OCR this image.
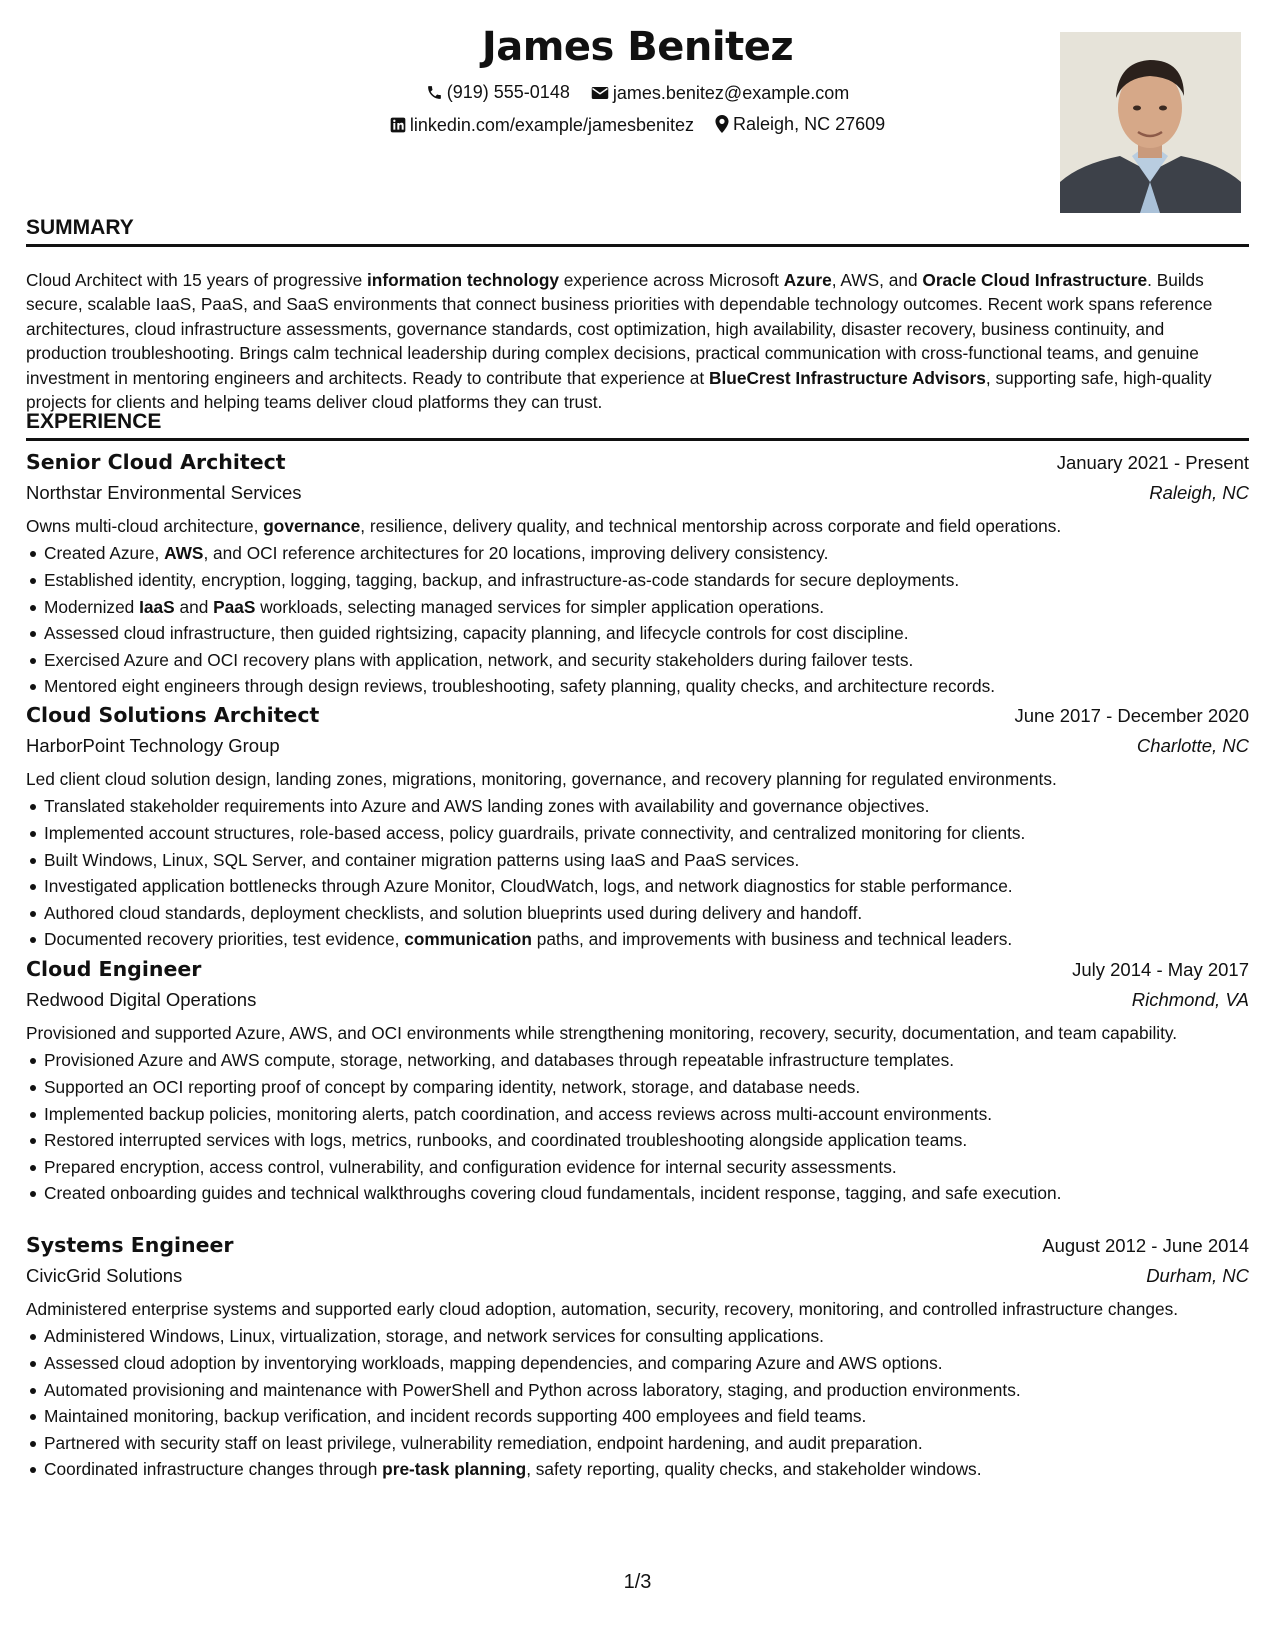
James Benitez
(919) 555-0148
james.benitez@example.com
linkedin.com/example/jamesbenitez
Raleigh, NC 27609
SUMMARY
Cloud Architect with 15 years of progressive information technology experience across Microsoft Azure, AWS, and Oracle Cloud Infrastructure. Builds secure, scalable IaaS, PaaS, and SaaS environments that connect business priorities with dependable technology outcomes. Recent work spans reference architectures, cloud infrastructure assessments, governance standards, cost optimization, high availability, disaster recovery, business continuity, and production troubleshooting. Brings calm technical leadership during complex decisions, practical communication with cross-functional teams, and genuine investment in mentoring engineers and architects. Ready to contribute that experience at BlueCrest Infrastructure Advisors, supporting safe, high-quality projects for clients and helping teams deliver cloud platforms they can trust.
EXPERIENCE
Senior Cloud Architect	January 2021 - Present
Northstar Environmental Services	Raleigh, NC
Owns multi-cloud architecture, governance, resilience, delivery quality, and technical mentorship across corporate and field operations.
Created Azure, AWS, and OCI reference architectures for 20 locations, improving delivery consistency.
Established identity, encryption, logging, tagging, backup, and infrastructure-as-code standards for secure deployments.
Modernized IaaS and PaaS workloads, selecting managed services for simpler application operations.
Assessed cloud infrastructure, then guided rightsizing, capacity planning, and lifecycle controls for cost discipline.
Exercised Azure and OCI recovery plans with application, network, and security stakeholders during failover tests.
Mentored eight engineers through design reviews, troubleshooting, safety planning, quality checks, and architecture records.
Cloud Solutions Architect	June 2017 - December 2020
HarborPoint Technology Group	Charlotte, NC
Led client cloud solution design, landing zones, migrations, monitoring, governance, and recovery planning for regulated environments.
Translated stakeholder requirements into Azure and AWS landing zones with availability and governance objectives.
Implemented account structures, role-based access, policy guardrails, private connectivity, and centralized monitoring for clients.
Built Windows, Linux, SQL Server, and container migration patterns using IaaS and PaaS services.
Investigated application bottlenecks through Azure Monitor, CloudWatch, logs, and network diagnostics for stable performance.
Authored cloud standards, deployment checklists, and solution blueprints used during delivery and handoff.
Documented recovery priorities, test evidence, communication paths, and improvements with business and technical leaders.
Cloud Engineer	July 2014 - May 2017
Redwood Digital Operations	Richmond, VA
Provisioned and supported Azure, AWS, and OCI environments while strengthening monitoring, recovery, security, documentation, and team capability.
Provisioned Azure and AWS compute, storage, networking, and databases through repeatable infrastructure templates.
Supported an OCI reporting proof of concept by comparing identity, network, storage, and database needs.
Implemented backup policies, monitoring alerts, patch coordination, and access reviews across multi-account environments.
Restored interrupted services with logs, metrics, runbooks, and coordinated troubleshooting alongside application teams.
Prepared encryption, access control, vulnerability, and configuration evidence for internal security assessments.
Created onboarding guides and technical walkthroughs covering cloud fundamentals, incident response, tagging, and safe execution.
Systems Engineer	August 2012 - June 2014
CivicGrid Solutions	Durham, NC
Administered enterprise systems and supported early cloud adoption, automation, security, recovery, monitoring, and controlled infrastructure changes.
Administered Windows, Linux, virtualization, storage, and network services for consulting applications.
Assessed cloud adoption by inventorying workloads, mapping dependencies, and comparing Azure and AWS options.
Automated provisioning and maintenance with PowerShell and Python across laboratory, staging, and production environments.
Maintained monitoring, backup verification, and incident records supporting 400 employees and field teams.
Partnered with security staff on least privilege, vulnerability remediation, endpoint hardening, and audit preparation.
Coordinated infrastructure changes through pre-task planning, safety reporting, quality checks, and stakeholder windows.
1/3
